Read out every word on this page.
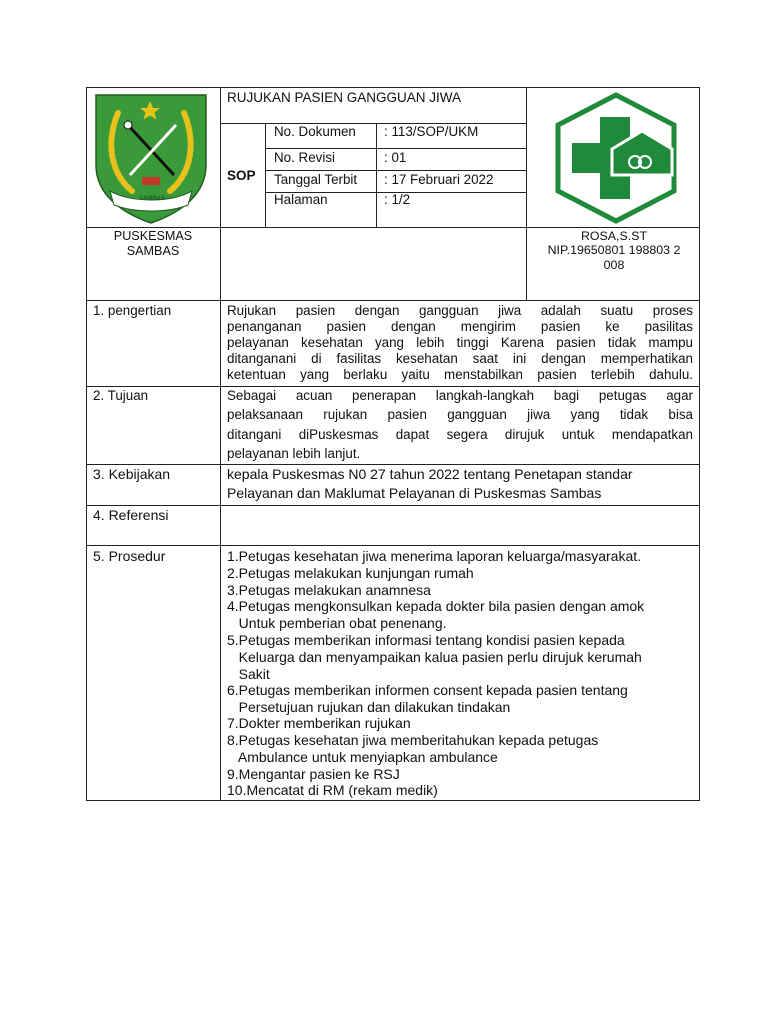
SAMBAS
RUJUKAN PASIEN GANGGUAN JIWA
SOP
No. Dokumen : 113/SOP/UKM
No. Revisi	: 01
Tanggal Terbit : 17 Februari 2022
Halaman	: 1/2
PUSKESMAS
SAMBAS
ROSA,S.ST
NIP.19650801 198803 2
008
1. pengertian	Rujukan pasien dengan gangguan jiwa adalah suatu proses
penanganan pasien dengan mengirim pasien ke pasilitas
pelayanan kesehatan yang lebih tinggi Karena pasien tidak mampu
ditanganani di fasilitas kesehatan saat ini dengan memperhatikan
ketentuan yang berlaku yaitu menstabilkan pasien terlebih dahulu.
2. Tujuan	Sebagai acuan penerapan langkah-langkah bagi petugas agar
pelaksanaan rujukan pasien gangguan jiwa yang tidak bisa
ditangani diPuskesmas dapat segera dirujuk untuk mendapatkan
pelayanan lebih lanjut.
3. Kebijakan	kepala Puskesmas N0 27 tahun 2022 tentang Penetapan standar
Pelayanan dan Maklumat Pelayanan di Puskesmas Sambas
4. Referensi
5. Prosedur	1.Petugas kesehatan jiwa menerima laporan keluarga/masyarakat.
2.Petugas melakukan kunjungan rumah
3.Petugas melakukan anamnesa
4.Petugas mengkonsulkan kepada dokter bila pasien dengan amok
Untuk pemberian obat penenang.
5.Petugas memberikan informasi tentang kondisi pasien kepada
Keluarga dan menyampaikan kalua pasien perlu dirujuk kerumah
Sakit
6.Petugas memberikan informen consent kepada pasien tentang
Persetujuan rujukan dan dilakukan tindakan
7.Dokter memberikan rujukan
8.Petugas kesehatan jiwa memberitahukan kepada petugas
Ambulance untuk menyiapkan ambulance
9.Mengantar pasien ke RSJ
10.Mencatat di RM (rekam medik)
